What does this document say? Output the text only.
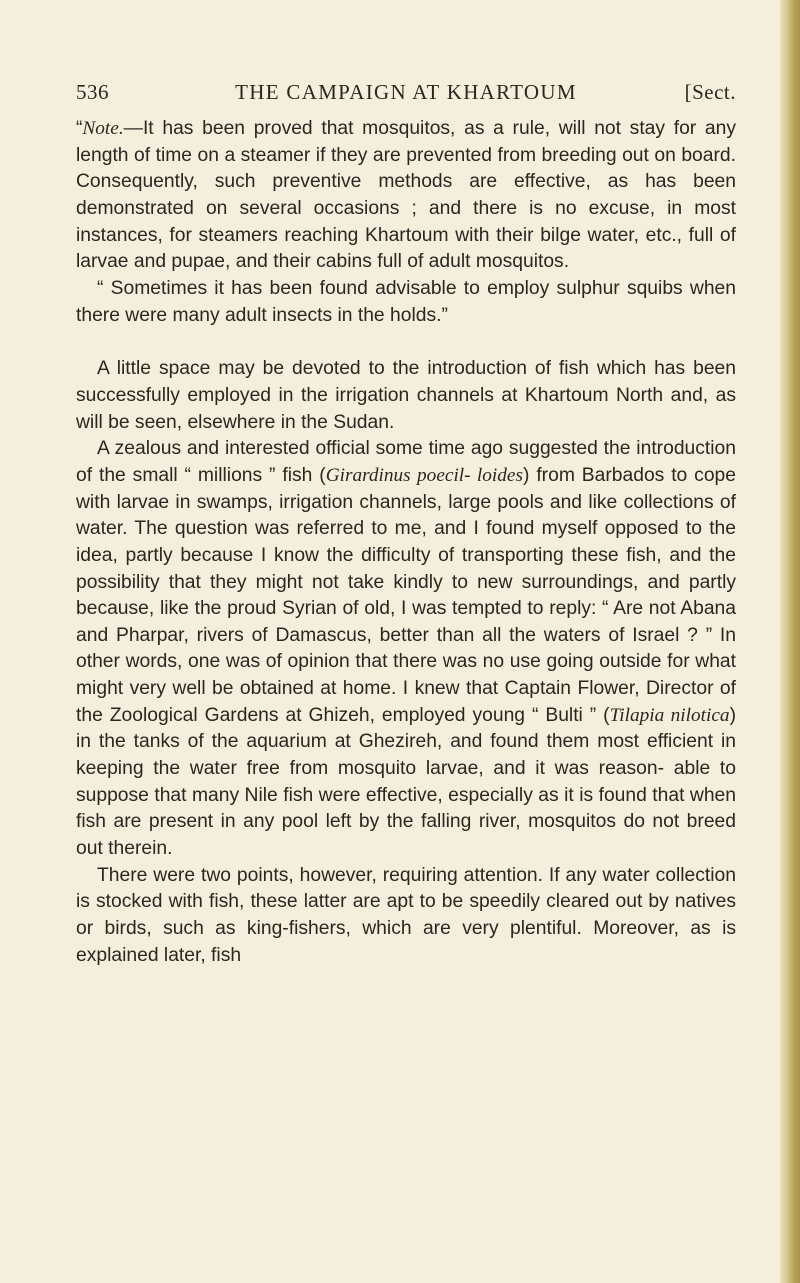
536	THE CAMPAIGN AT KHARTOUM	[Sect.

“Note.—It has been proved that mosquitos, as a rule, will not stay for any length of time on a steamer if they are prevented from breeding out on board. Consequently, such preventive methods are effective, as has been demonstrated on several occasions ; and there is no excuse, in most instances, for steamers reaching Khartoum with their bilge water, etc., full of larvae and pupae, and their cabins full of adult mosquitos.

“ Sometimes it has been found advisable to employ sulphur squibs when there were many adult insects in the holds.”

A little space may be devoted to the introduction of fish which has been successfully employed in the irrigation channels at Khartoum North and, as will be seen, elsewhere in the Sudan.

A zealous and interested official some time ago suggested the introduction of the small “ millions ” fish (Girardinus poecil- loides) from Barbados to cope with larvae in swamps, irrigation channels, large pools and like collections of water. The question was referred to me, and I found myself opposed to the idea, partly because I know the difficulty of transporting these fish, and the possibility that they might not take kindly to new surroundings, and partly because, like the proud Syrian of old, I was tempted to reply: “ Are not Abana and Pharpar, rivers of Damascus, better than all the waters of Israel ? ” In other words, one was of opinion that there was no use going outside for what might very well be obtained at home. I knew that Captain Flower, Director of the Zoological Gardens at Ghizeh, employed young “ Bulti ” (Tilapia nilotica) in the tanks of the aquarium at Ghezireh, and found them most efficient in keeping the water free from mosquito larvae, and it was reason- able to suppose that many Nile fish were effective, especially as it is found that when fish are present in any pool left by the falling river, mosquitos do not breed out therein.

There were two points, however, requiring attention. If any water collection is stocked with fish, these latter are apt to be speedily cleared out by natives or birds, such as king-fishers, which are very plentiful. Moreover, as is explained later, fish
